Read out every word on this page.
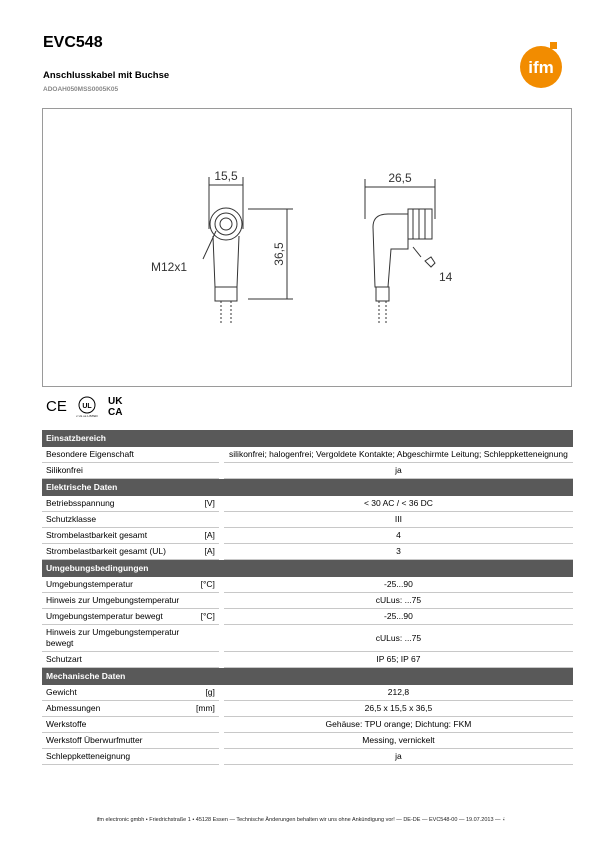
EVC548
Anschlusskabel mit Buchse
ADOAH050MSS0005K05
ifm
15,5
36,5
M12x1
26,5
14
CE UL
c UL us LISTED
UK
CA
Einsatzbereich			
Besondere Eigenschaft			silikonfrei; halogenfrei; Vergoldete Kontakte; Abgeschirmte Leitung; Schleppketteneignung
Silikonfrei			ja
Elektrische Daten			
Betriebsspannung	[V]		< 30 AC / < 36 DC
Schutzklasse			III
Strombelastbarkeit gesamt	[A]		4
Strombelastbarkeit gesamt (UL)	[A]		3
Umgebungsbedingungen			
Umgebungstemperatur	[°C]		-25...90
Hinweis zur Umgebungstemperatur			cULus: ...75
Umgebungstemperatur bewegt	[°C]		-25...90
Hinweis zur Umgebungstemperatur bewegt			cULus: ...75
Schutzart			IP 65; IP 67
Mechanische Daten			
Gewicht	[g]		212,8
Abmessungen	[mm]		26,5 x 15,5 x 36,5
Werkstoffe			Gehäuse: TPU orange; Dichtung: FKM
Werkstoff Überwurfmutter			Messing, vernickelt
Schleppketteneignung			ja
ifm electronic gmbh • Friedrichstraße 1 • 45128 Essen — Technische Änderungen behalten wir uns ohne Ankündigung vor! — DE-DE — EVC548-00 — 19.07.2013 — ⍣
